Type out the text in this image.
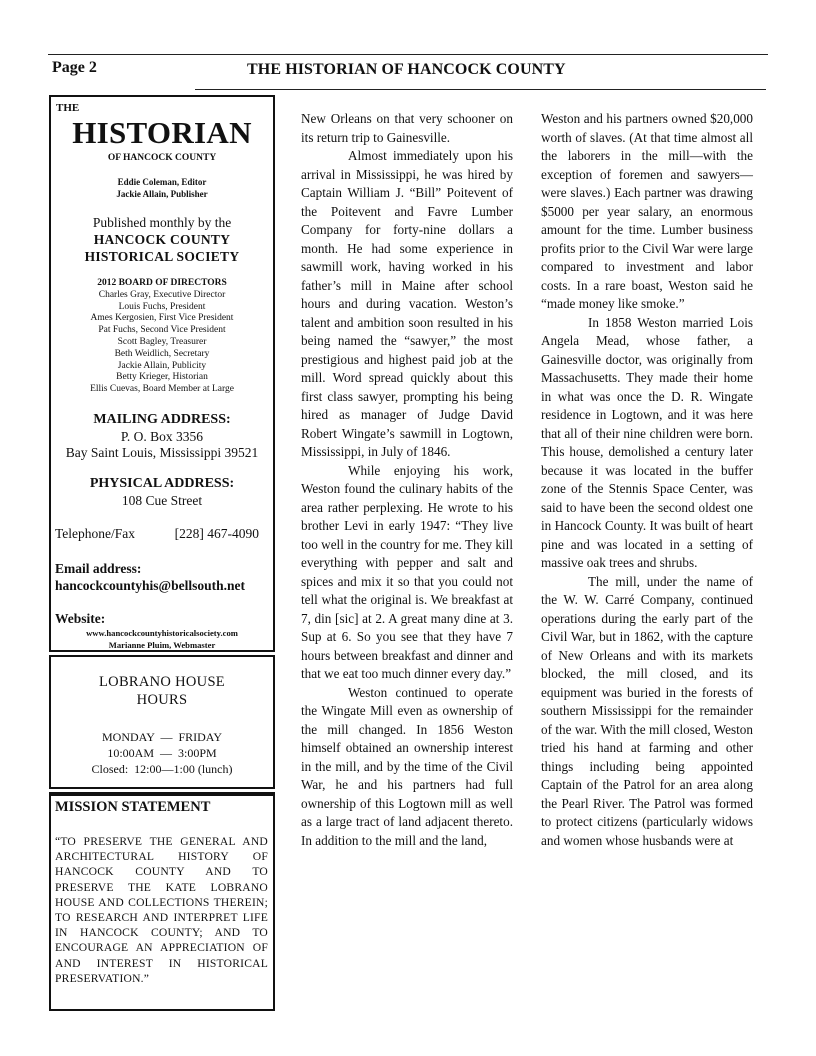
Page 2	THE HISTORIAN OF HANCOCK COUNTY
THE
HISTORIAN
OF HANCOCK COUNTY
Eddie Coleman, Editor
Jackie Allain, Publisher
Published monthly by the
HANCOCK COUNTY
HISTORICAL SOCIETY
2012 BOARD OF DIRECTORS
Charles Gray, Executive Director
Louis Fuchs, President
Ames Kergosien, First Vice President
Pat Fuchs, Second Vice President
Scott Bagley, Treasurer
Beth Weidlich, Secretary
Jackie Allain, Publicity
Betty Krieger, Historian
Ellis Cuevas, Board Member at Large
MAILING ADDRESS:
P. O. Box 3356
Bay Saint Louis, Mississippi 39521
PHYSICAL ADDRESS:
108 Cue Street
Telephone/Fax	[228] 467-4090
Email address:
hancockcountyhis@bellsouth.net
Website:
www.hancockcountyhistoricalsociety.com
Marianne Pluim, Webmaster
LOBRANO HOUSE
HOURS
MONDAY  —  FRIDAY
10:00AM  —  3:00PM
Closed:  12:00—1:00 (lunch)
MISSION STATEMENT
“TO PRESERVE THE GENERAL AND ARCHITECTURAL HISTORY OF HANCOCK COUNTY AND TO PRESERVE THE KATE LOBRANO HOUSE AND COLLECTIONS THEREIN; TO RESEARCH AND INTERPRET LIFE IN HANCOCK COUNTY; AND TO ENCOURAGE AN APPRECIATION OF AND INTEREST IN HISTORICAL PRESERVATION.”

New Orleans on that very schooner on its return trip to Gainesville.

Almost immediately upon his arrival in Mississippi, he was hired by Captain William J. “Bill” Poitevent of the Poitevent and Favre Lumber Company for forty-nine dollars a month. He had some experience in sawmill work, having worked in his father’s mill in Maine after school hours and during vacation. Weston’s talent and ambition soon resulted in his being named the “sawyer,” the most prestigious and highest paid job at the mill. Word spread quickly about this first class sawyer, prompting his being hired as manager of Judge David Robert Wingate’s sawmill in Logtown, Mississippi, in July of 1846.

While enjoying his work, Weston found the culinary habits of the area rather perplexing. He wrote to his brother Levi in early 1947: “They live too well in the country for me. They kill everything with pepper and salt and spices and mix it so that you could not tell what the original is. We breakfast at 7, din [sic] at 2. A great many dine at 3. Sup at 6. So you see that they have 7 hours between breakfast and dinner and that we eat too much dinner every day.”

Weston continued to operate the Wingate Mill even as ownership of the mill changed. In 1856 Weston himself obtained an ownership interest in the mill, and by the time of the Civil War, he and his partners had full ownership of this Logtown mill as well as a large tract of land adjacent thereto. In addition to the mill and the land,

Weston and his partners owned $20,000 worth of slaves. (At that time almost all the laborers in the mill—with the exception of foremen and sawyers—were slaves.) Each partner was drawing $5000 per year salary, an enormous amount for the time. Lumber business profits prior to the Civil War were large compared to investment and labor costs. In a rare boast, Weston said he “made money like smoke.”

In 1858 Weston married Lois Angela Mead, whose father, a Gainesville doctor, was originally from Massachusetts. They made their home in what was once the D. R. Wingate residence in Logtown, and it was here that all of their nine children were born. This house, demolished a century later because it was located in the buffer zone of the Stennis Space Center, was said to have been the second oldest one in Hancock County. It was built of heart pine and was located in a setting of massive oak trees and shrubs.

The mill, under the name of the W. W. Carré Company, continued operations during the early part of the Civil War, but in 1862, with the capture of New Orleans and with its markets blocked, the mill closed, and its equipment was buried in the forests of southern Mississippi for the remainder of the war. With the mill closed, Weston tried his hand at farming and other things including being appointed Captain of the Patrol for an area along the Pearl River. The Patrol was formed to protect citizens (particularly widows and women whose husbands were at
